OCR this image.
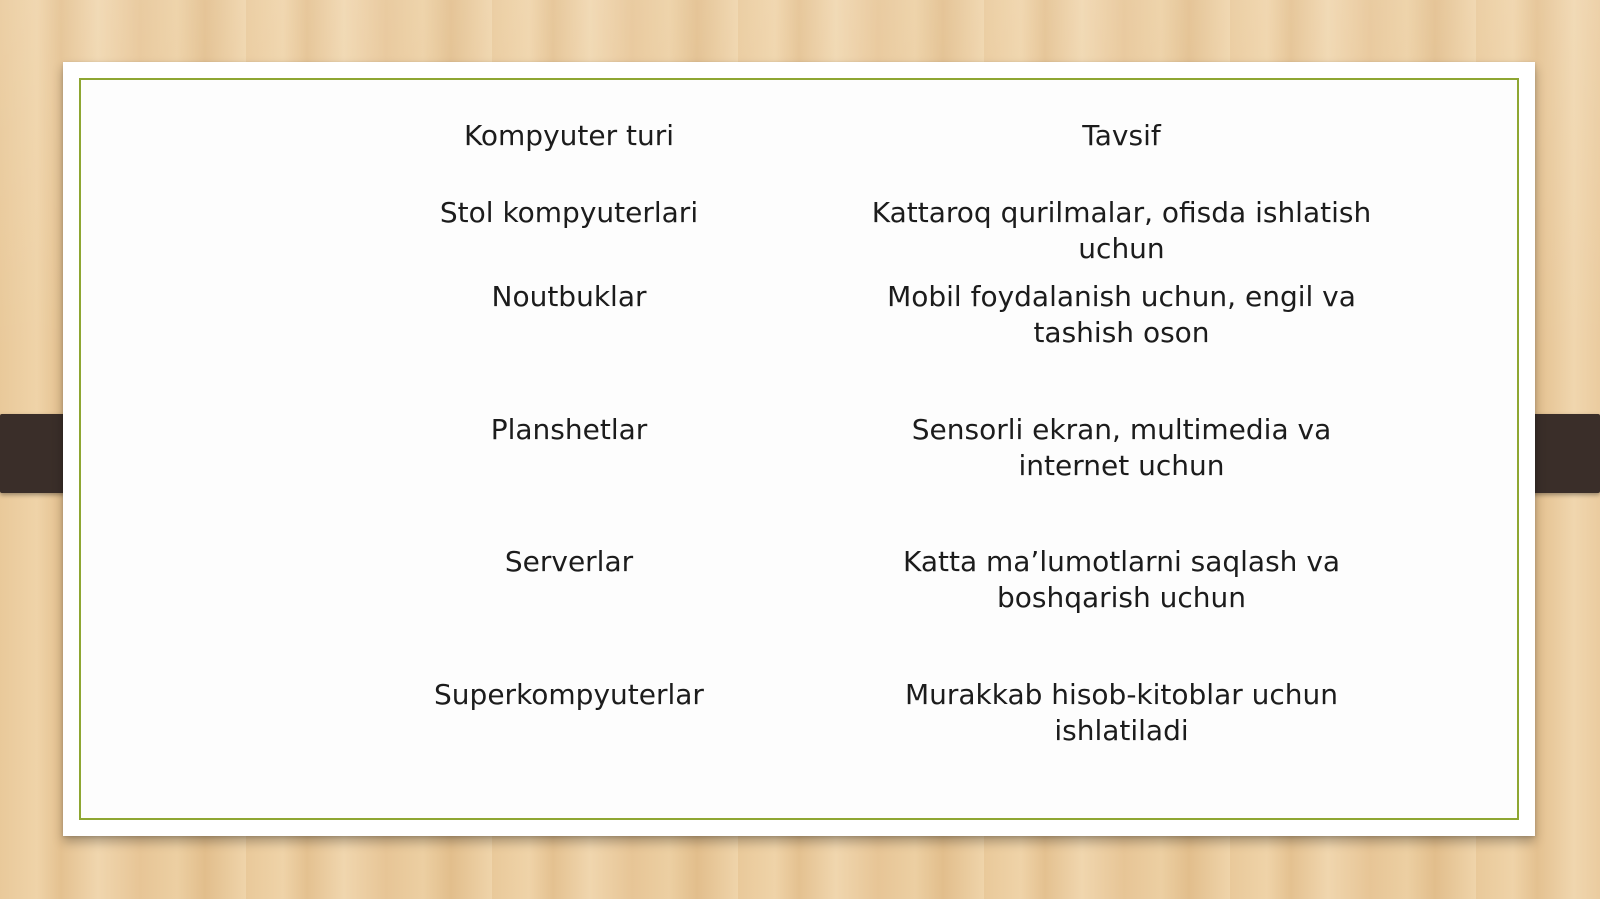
Kompyuter turi	Tavsif
Stol kompyuterlari	Kattaroq qurilmalar, ofisda ishlatish uchun
Noutbuklar	Mobil foydalanish uchun, engil va tashish oson
Planshetlar	Sensorli ekran, multimedia va internet uchun
Serverlar	Katta ma’lumotlarni saqlash va boshqarish uchun
Superkompyuterlar	Murakkab hisob-kitoblar uchun ishlatiladi
